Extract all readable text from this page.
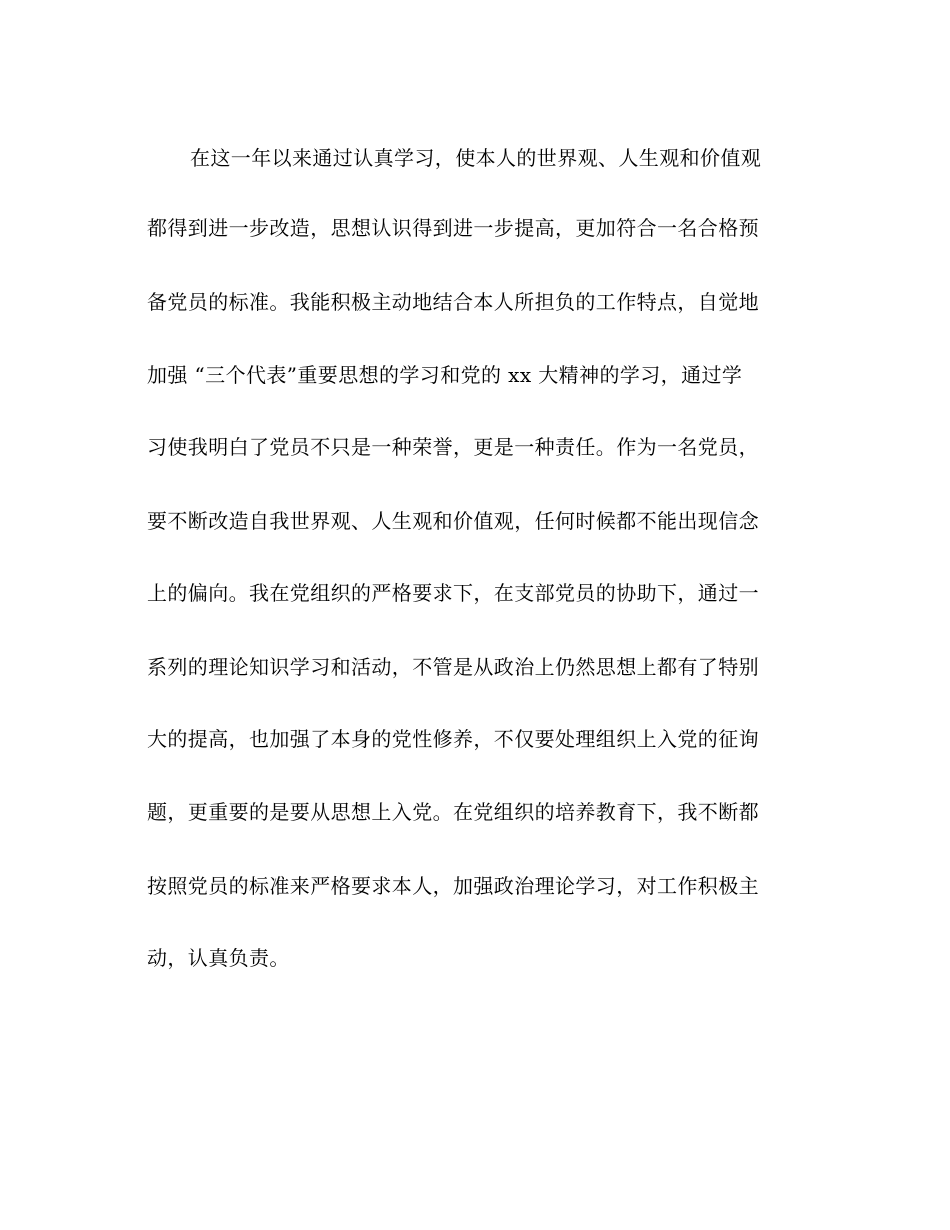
在这一年以来通过认真学习，使本人的世界观、人生观和价值观
都得到进一步改造，思想认识得到进一步提高，更加符合一名合格预
备党员的标准。我能积极主动地结合本人所担负的工作特点，自觉地
加强 “三个代表”重要思想的学习和党的 xx 大精神的学习，通过学
习使我明白了党员不只是一种荣誉，更是一种责任。作为一名党员，
要不断改造自我世界观、人生观和价值观，任何时候都不能出现信念
上的偏向。我在党组织的严格要求下，在支部党员的协助下，通过一
系列的理论知识学习和活动，不管是从政治上仍然思想上都有了特别
大的提高，也加强了本身的党性修养，不仅要处理组织上入党的征询
题，更重要的是要从思想上入党。在党组织的培养教育下，我不断都
按照党员的标准来严格要求本人，加强政治理论学习，对工作积极主
动，认真负责。
